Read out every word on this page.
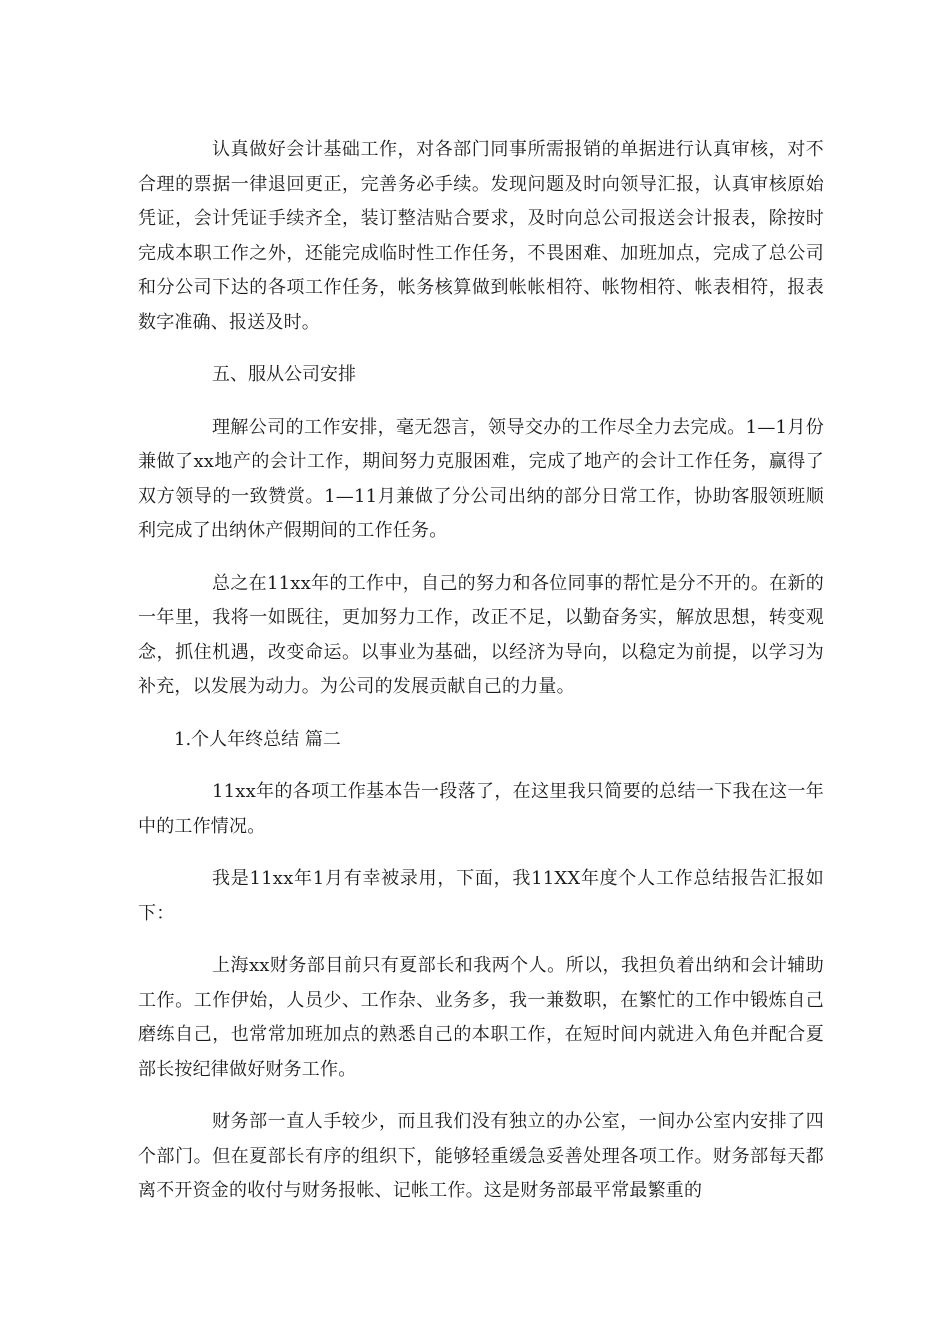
认真做好会计基础工作，对各部门同事所需报销的单据进行认真审核，对不合理的票据一律退回更正，完善务必手续。发现问题及时向领导汇报，认真审核原始凭证，会计凭证手续齐全，装订整洁贴合要求，及时向总公司报送会计报表，除按时完成本职工作之外，还能完成临时性工作任务，不畏困难、加班加点，完成了总公司和分公司下达的各项工作任务，帐务核算做到帐帐相符、帐物相符、帐表相符，报表数字准确、报送及时。

五、服从公司安排

理解公司的工作安排，毫无怨言，领导交办的工作尽全力去完成。1—1月份兼做了xx地产的会计工作，期间努力克服困难，完成了地产的会计工作任务，赢得了双方领导的一致赞赏。1—11月兼做了分公司出纳的部分日常工作，协助客服领班顺利完成了出纳休产假期间的工作任务。

总之在11xx年的工作中，自己的努力和各位同事的帮忙是分不开的。在新的一年里，我将一如既往，更加努力工作，改正不足，以勤奋务实，解放思想，转变观念，抓住机遇，改变命运。以事业为基础，以经济为导向，以稳定为前提，以学习为补充，以发展为动力。为公司的发展贡献自己的力量。

1.个人年终总结 篇二

11xx年的各项工作基本告一段落了，在这里我只简要的总结一下我在这一年中的工作情况。

我是11xx年1月有幸被录用，下面，我11XX年度个人工作总结报告汇报如下：

上海xx财务部目前只有夏部长和我两个人。所以，我担负着出纳和会计辅助工作。工作伊始，人员少、工作杂、业务多，我一兼数职，在繁忙的工作中锻炼自己磨练自己，也常常加班加点的熟悉自己的本职工作，在短时间内就进入角色并配合夏部长按纪律做好财务工作。

财务部一直人手较少，而且我们没有独立的办公室，一间办公室内安排了四个部门。但在夏部长有序的组织下，能够轻重缓急妥善处理各项工作。财务部每天都离不开资金的收付与财务报帐、记帐工作。这是财务部最平常最繁重的
